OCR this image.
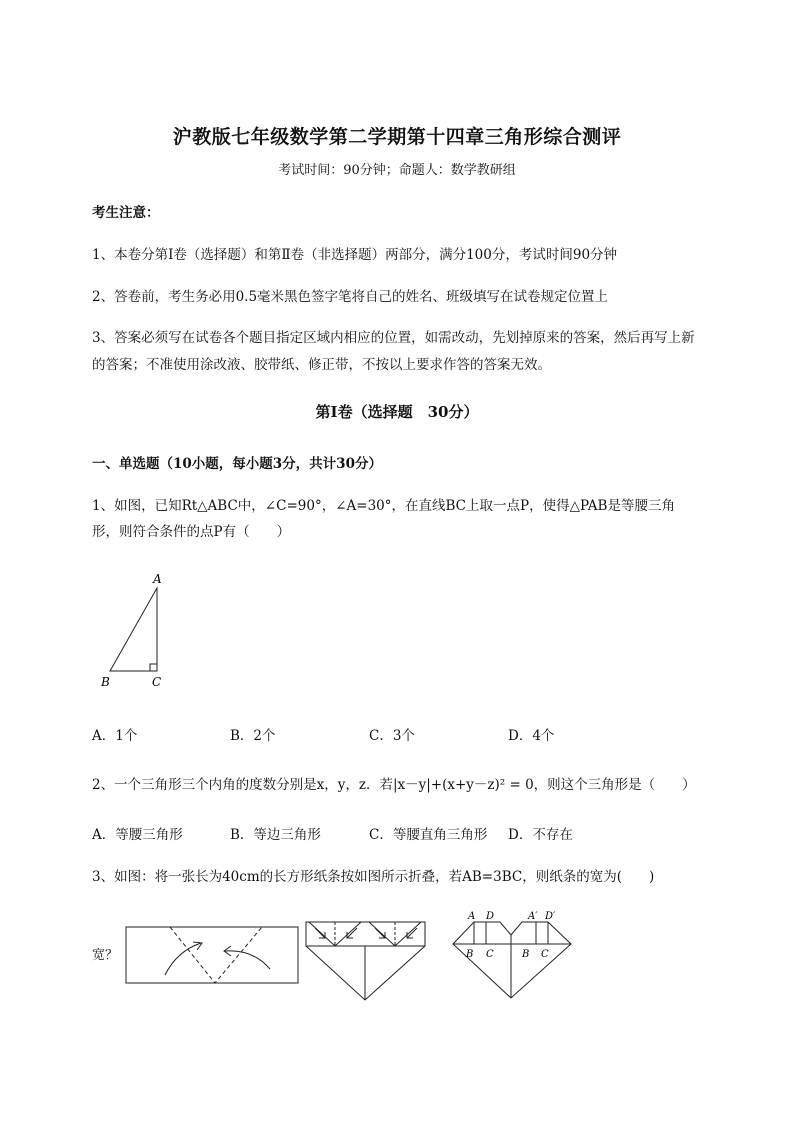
沪教版七年级数学第二学期第十四章三角形综合测评
考试时间：90分钟；命题人：数学教研组
考生注意：
1、本卷分第Ⅰ卷（选择题）和第Ⅱ卷（非选择题）两部分，满分100分，考试时间90分钟
2、答卷前，考生务必用0.5毫米黑色签字笔将自己的姓名、班级填写在试卷规定位置上
3、答案必须写在试卷各个题目指定区域内相应的位置，如需改动，先划掉原来的答案，然后再写上新
的答案；不准使用涂改液、胶带纸、修正带，不按以上要求作答的答案无效。
第Ⅰ卷（选择题　30分）
一、单选题（10小题，每小题3分，共计30分）
1、如图，已知Rt△ABC中，∠C=90°，∠A=30°，在直线BC上取一点P，使得△PAB是等腰三角
形，则符合条件的点P有（　　）
A
B	C
A．1个	B．2个	C．3个	D．4个
2、一个三角形三个内角的度数分别是x，y，z．若|x－y|+(x+y－z)² = 0，则这个三角形是（　　）
A．等腰三角形	B．等边三角形	C．等腰直角三角形 D．不存在
3、如图：将一张长为40cm的长方形纸条按如图所示折叠，若AB=3BC，则纸条的宽为(　　)
宽？
A D
B C
A′ D′
B C
